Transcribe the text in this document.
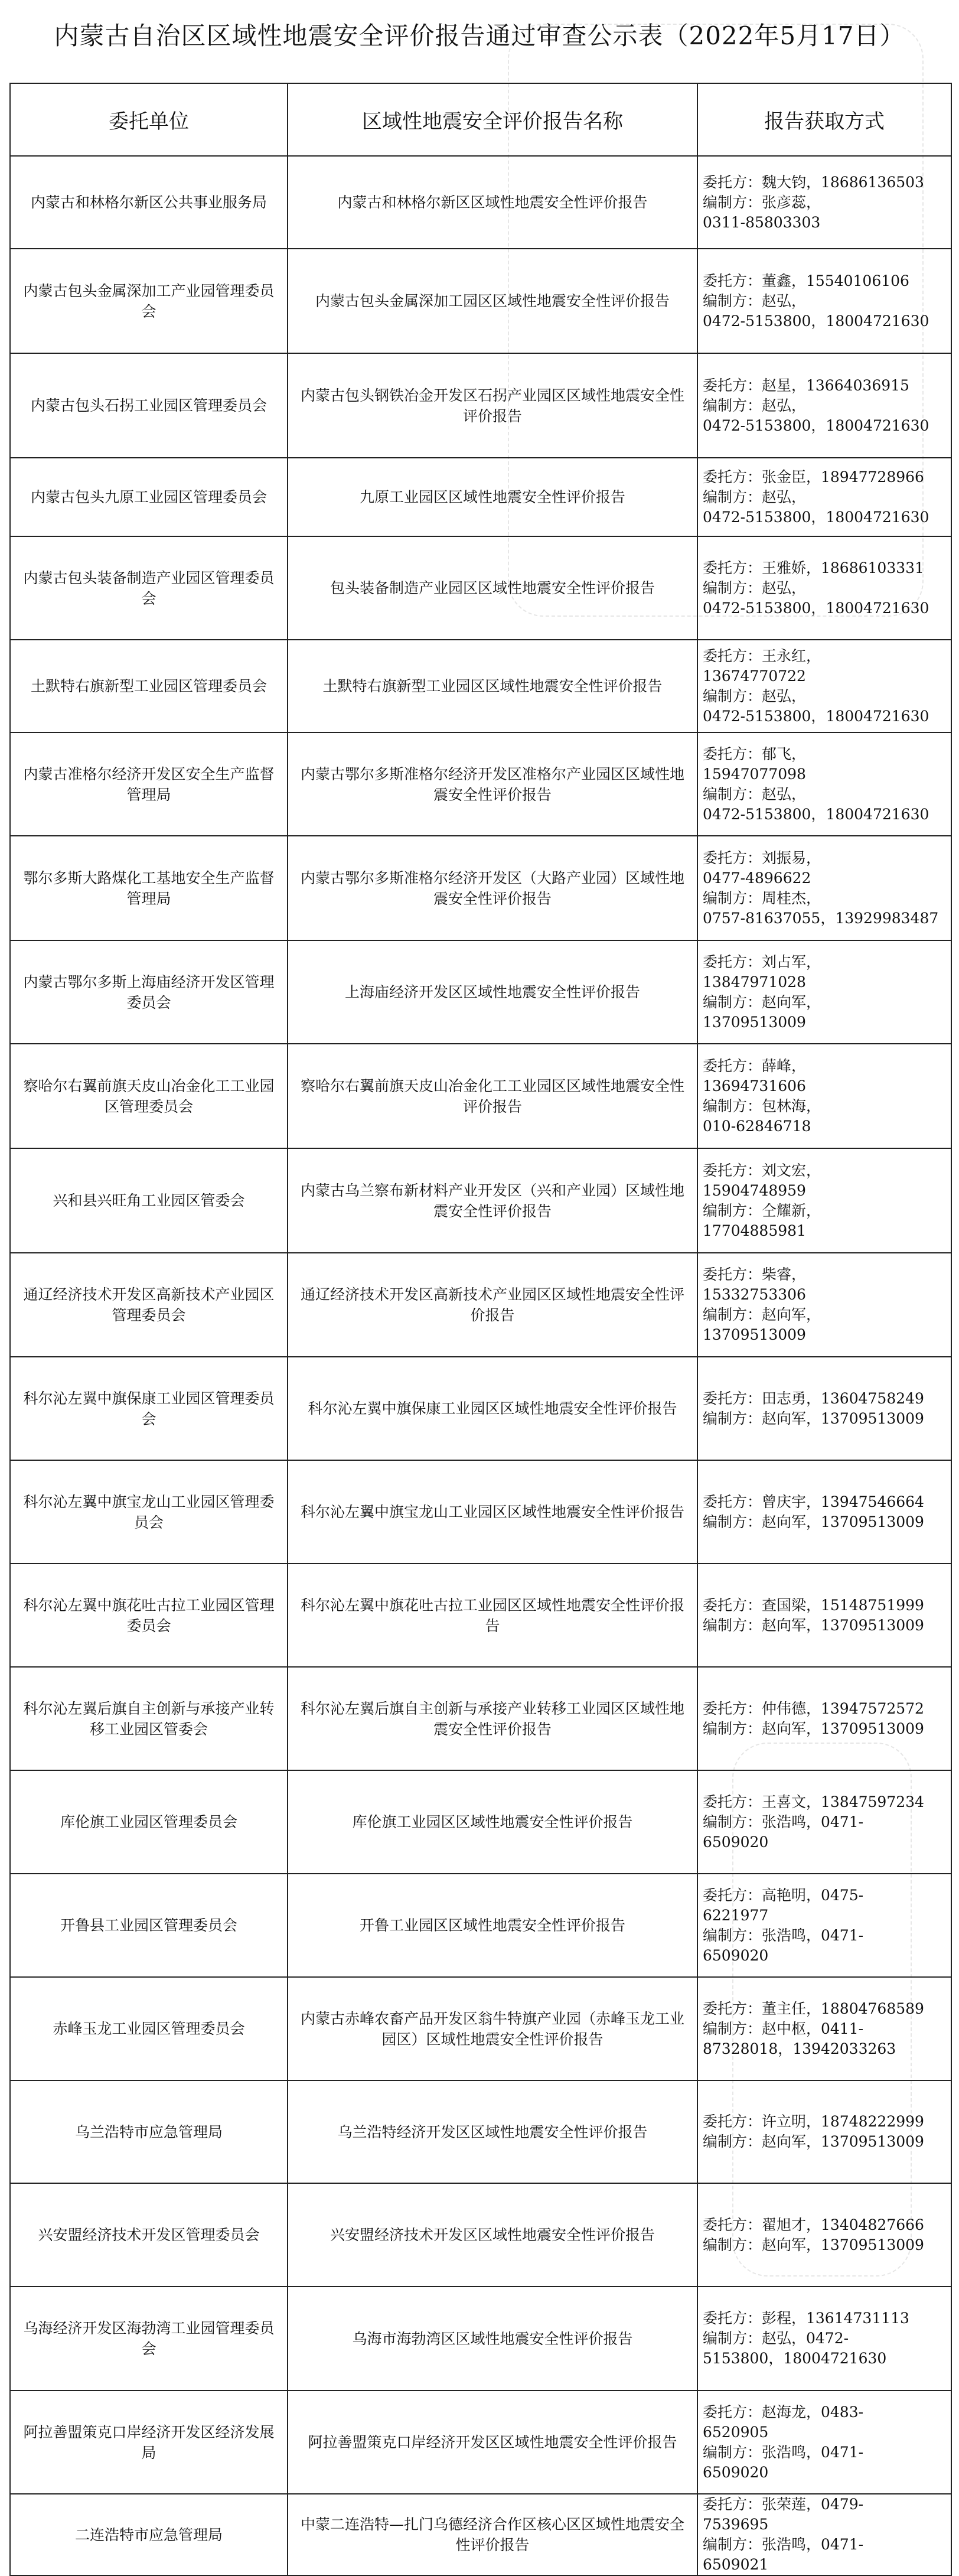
内蒙古自治区区域性地震安全评价报告通过审查公示表（2022年5月17日）
委托单位	区域性地震安全评价报告名称	报告获取方式
内蒙古和林格尔新区公共事业服务局	内蒙古和林格尔新区区域性地震安全性评价报告	委托方：魏大钧，18686136503
编制方：张彦蕊，
0311-85803303

内蒙古包头金属深加工产业园管理委员会	内蒙古包头金属深加工园区区域性地震安全性评价报告	委托方：董鑫，15540106106
编制方：赵弘，
0472-5153800，18004721630

内蒙古包头石拐工业园区管理委员会	内蒙古包头钢铁冶金开发区石拐产业园区区域性地震安全性评价报告	委托方：赵星，13664036915
编制方：赵弘，
0472-5153800，18004721630

内蒙古包头九原工业园区管理委员会	九原工业园区区域性地震安全性评价报告	委托方：张金臣，18947728966
编制方：赵弘，
0472-5153800，18004721630

内蒙古包头装备制造产业园区管理委员会	包头装备制造产业园区区域性地震安全性评价报告	委托方：王雅娇，18686103331
编制方：赵弘，
0472-5153800，18004721630

土默特右旗新型工业园区管理委员会	土默特右旗新型工业园区区域性地震安全性评价报告	委托方：王永红，
13674770722
编制方：赵弘，
0472-5153800，18004721630

内蒙古准格尔经济开发区安全生产监督管理局	内蒙古鄂尔多斯准格尔经济开发区准格尔产业园区区域性地震安全性评价报告	委托方：郁飞，
15947077098
编制方：赵弘，
0472-5153800，18004721630

鄂尔多斯大路煤化工基地安全生产监督管理局	内蒙古鄂尔多斯准格尔经济开发区（大路产业园）区域性地震安全性评价报告	委托方：刘振易，
0477-4896622
编制方：周桂杰，
0757-81637055，13929983487

内蒙古鄂尔多斯上海庙经济开发区管理委员会	上海庙经济开发区区域性地震安全性评价报告	委托方：刘占军，
13847971028
编制方：赵向军，
13709513009

察哈尔右翼前旗天皮山冶金化工工业园区管理委员会	察哈尔右翼前旗天皮山冶金化工工业园区区域性地震安全性评价报告	委托方：薛峰，
13694731606
编制方：包林海，
010-62846718

兴和县兴旺角工业园区管委会	内蒙古乌兰察布新材料产业开发区（兴和产业园）区域性地震安全性评价报告	委托方：刘文宏，
15904748959
编制方：仝耀新，
17704885981

通辽经济技术开发区高新技术产业园区管理委员会	通辽经济技术开发区高新技术产业园区区域性地震安全性评价报告	委托方：柴睿，
15332753306
编制方：赵向军，
13709513009

科尔沁左翼中旗保康工业园区管理委员会	科尔沁左翼中旗保康工业园区区域性地震安全性评价报告	委托方：田志勇，13604758249
编制方：赵向军，13709513009

科尔沁左翼中旗宝龙山工业园区管理委员会	科尔沁左翼中旗宝龙山工业园区区域性地震安全性评价报告	委托方：曾庆宇，13947546664
编制方：赵向军，13709513009

科尔沁左翼中旗花吐古拉工业园区管理委员会	科尔沁左翼中旗花吐古拉工业园区区域性地震安全性评价报告	委托方：查国梁，15148751999
编制方：赵向军，13709513009

科尔沁左翼后旗自主创新与承接产业转移工业园区管委会	科尔沁左翼后旗自主创新与承接产业转移工业园区区域性地震安全性评价报告	委托方：仲伟德，13947572572
编制方：赵向军，13709513009

库伦旗工业园区管理委员会	库伦旗工业园区区域性地震安全性评价报告	委托方：王喜文，13847597234
编制方：张浩鸣，0471-
6509020

开鲁县工业园区管理委员会	开鲁工业园区区域性地震安全性评价报告	委托方：高艳明，0475-
6221977
编制方：张浩鸣，0471-
6509020

赤峰玉龙工业园区管理委员会	内蒙古赤峰农畜产品开发区翁牛特旗产业园（赤峰玉龙工业园区）区域性地震安全性评价报告	委托方：董主任，18804768589
编制方：赵中枢，0411-
87328018，13942033263

乌兰浩特市应急管理局	乌兰浩特经济开发区区域性地震安全性评价报告	委托方：许立明，18748222999
编制方：赵向军，13709513009

兴安盟经济技术开发区管理委员会	兴安盟经济技术开发区区域性地震安全性评价报告	委托方：翟旭才，13404827666
编制方：赵向军，13709513009

乌海经济开发区海勃湾工业园管理委员会	乌海市海勃湾区区域性地震安全性评价报告	委托方：彭程，13614731113
编制方：赵弘，0472-
5153800，18004721630

阿拉善盟策克口岸经济开发区经济发展局	阿拉善盟策克口岸经济开发区区域性地震安全性评价报告	委托方：赵海龙，0483-
6520905
编制方：张浩鸣，0471-
6509020

二连浩特市应急管理局	中蒙二连浩特—扎门乌德经济合作区核心区区域性地震安全性评价报告	委托方：张荣莲，0479-
7539695
编制方：张浩鸣，0471-
6509021
